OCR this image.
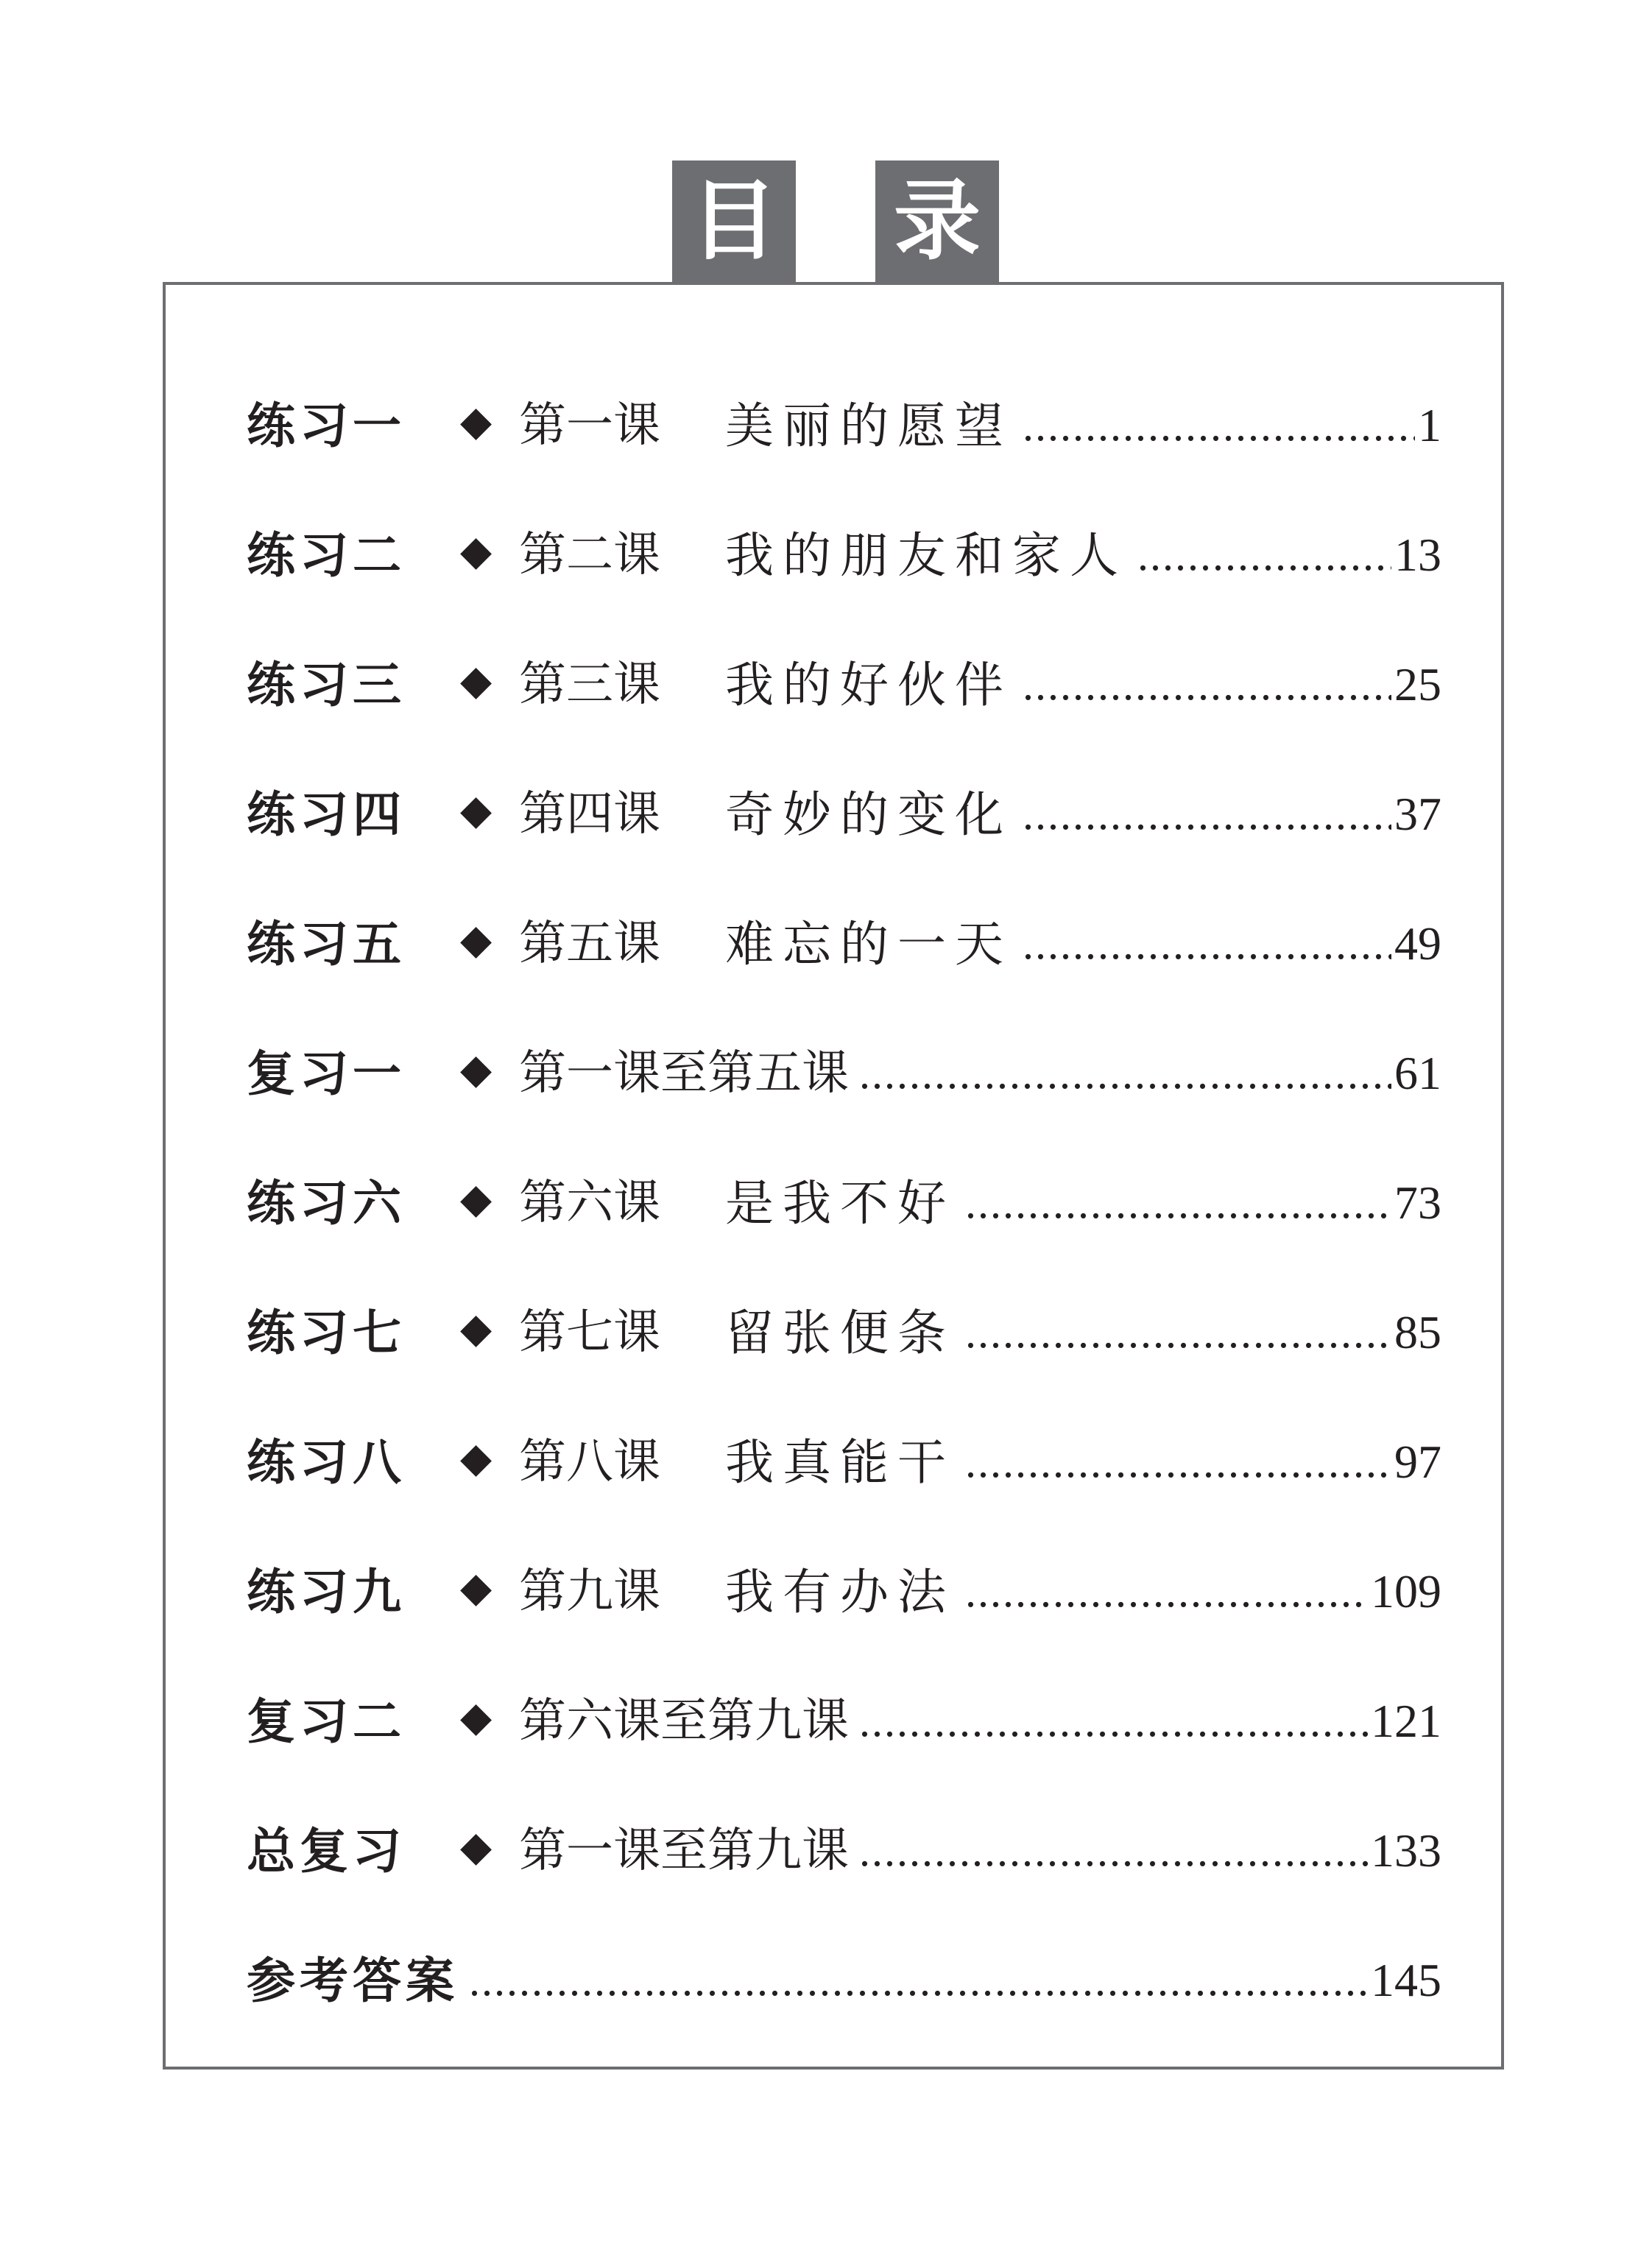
目 录
练习一	◆ 第一课	美丽的愿望 .....	1
练习二	◆ 第二课	我的朋友和家人 .....	13
练习三	◆ 第三课	我的好伙伴 .....	25
练习四	◆ 第四课	奇妙的变化 .....	37
练习五	◆ 第五课	难忘的一天 .....	49
复习一	◆ 第一课至第五课 .....	61
练习六	◆ 第六课	是我不好 .....	73
练习七	◆ 第七课	留张便条 .....	85
练习八	◆ 第八课	我真能干 .....	97
练习九	◆ 第九课	我有办法 .....	109
复习二	◆ 第六课至第九课 .....	121
总复习	◆ 第一课至第九课 .....	133
参考答案 .....	145
